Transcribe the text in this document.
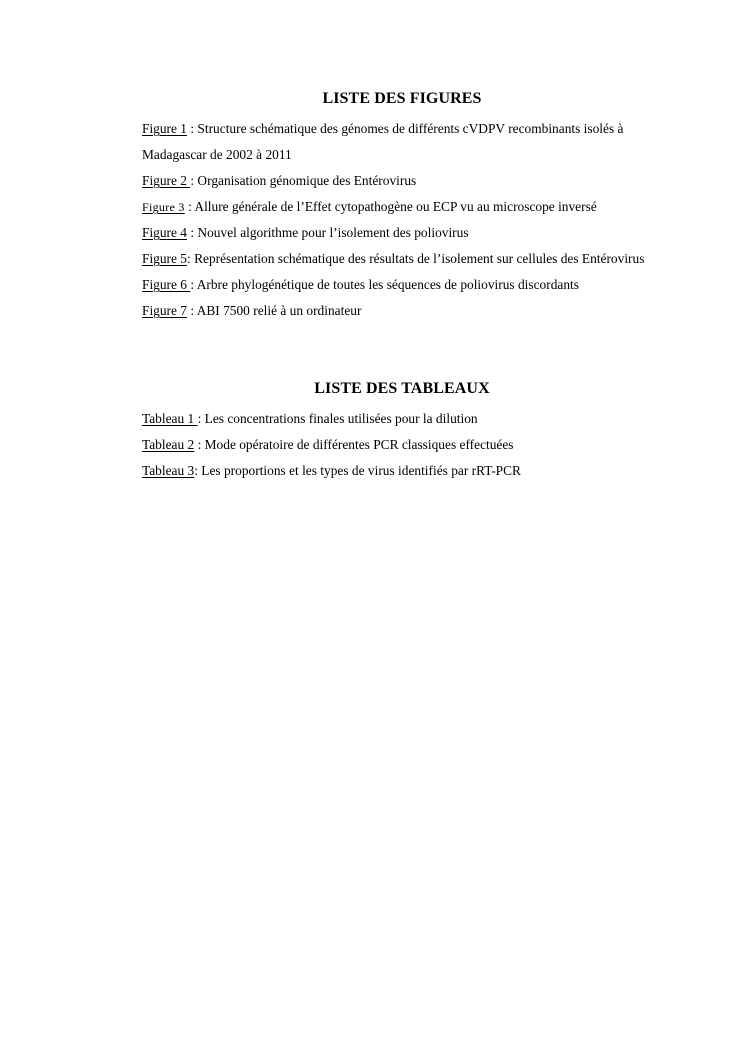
LISTE DES FIGURES
Figure 1 : Structure schématique des génomes de différents cVDPV recombinants isolés à Madagascar de 2002 à 2011
Figure 2 : Organisation génomique des Entérovirus
Figure 3 : Allure générale de l’Effet cytopathogène ou ECP vu au microscope inversé
Figure 4 : Nouvel algorithme pour l’isolement des poliovirus
Figure 5: Représentation schématique des résultats de l’isolement sur cellules des Entérovirus
Figure 6 : Arbre phylogénétique de toutes les séquences de poliovirus discordants
Figure 7 : ABI 7500 relié à un ordinateur
LISTE DES TABLEAUX
Tableau 1 : Les concentrations finales utilisées pour la dilution
Tableau 2 : Mode opératoire de différentes PCR classiques effectuées
Tableau 3: Les proportions et les types de virus identifiés par rRT-PCR
